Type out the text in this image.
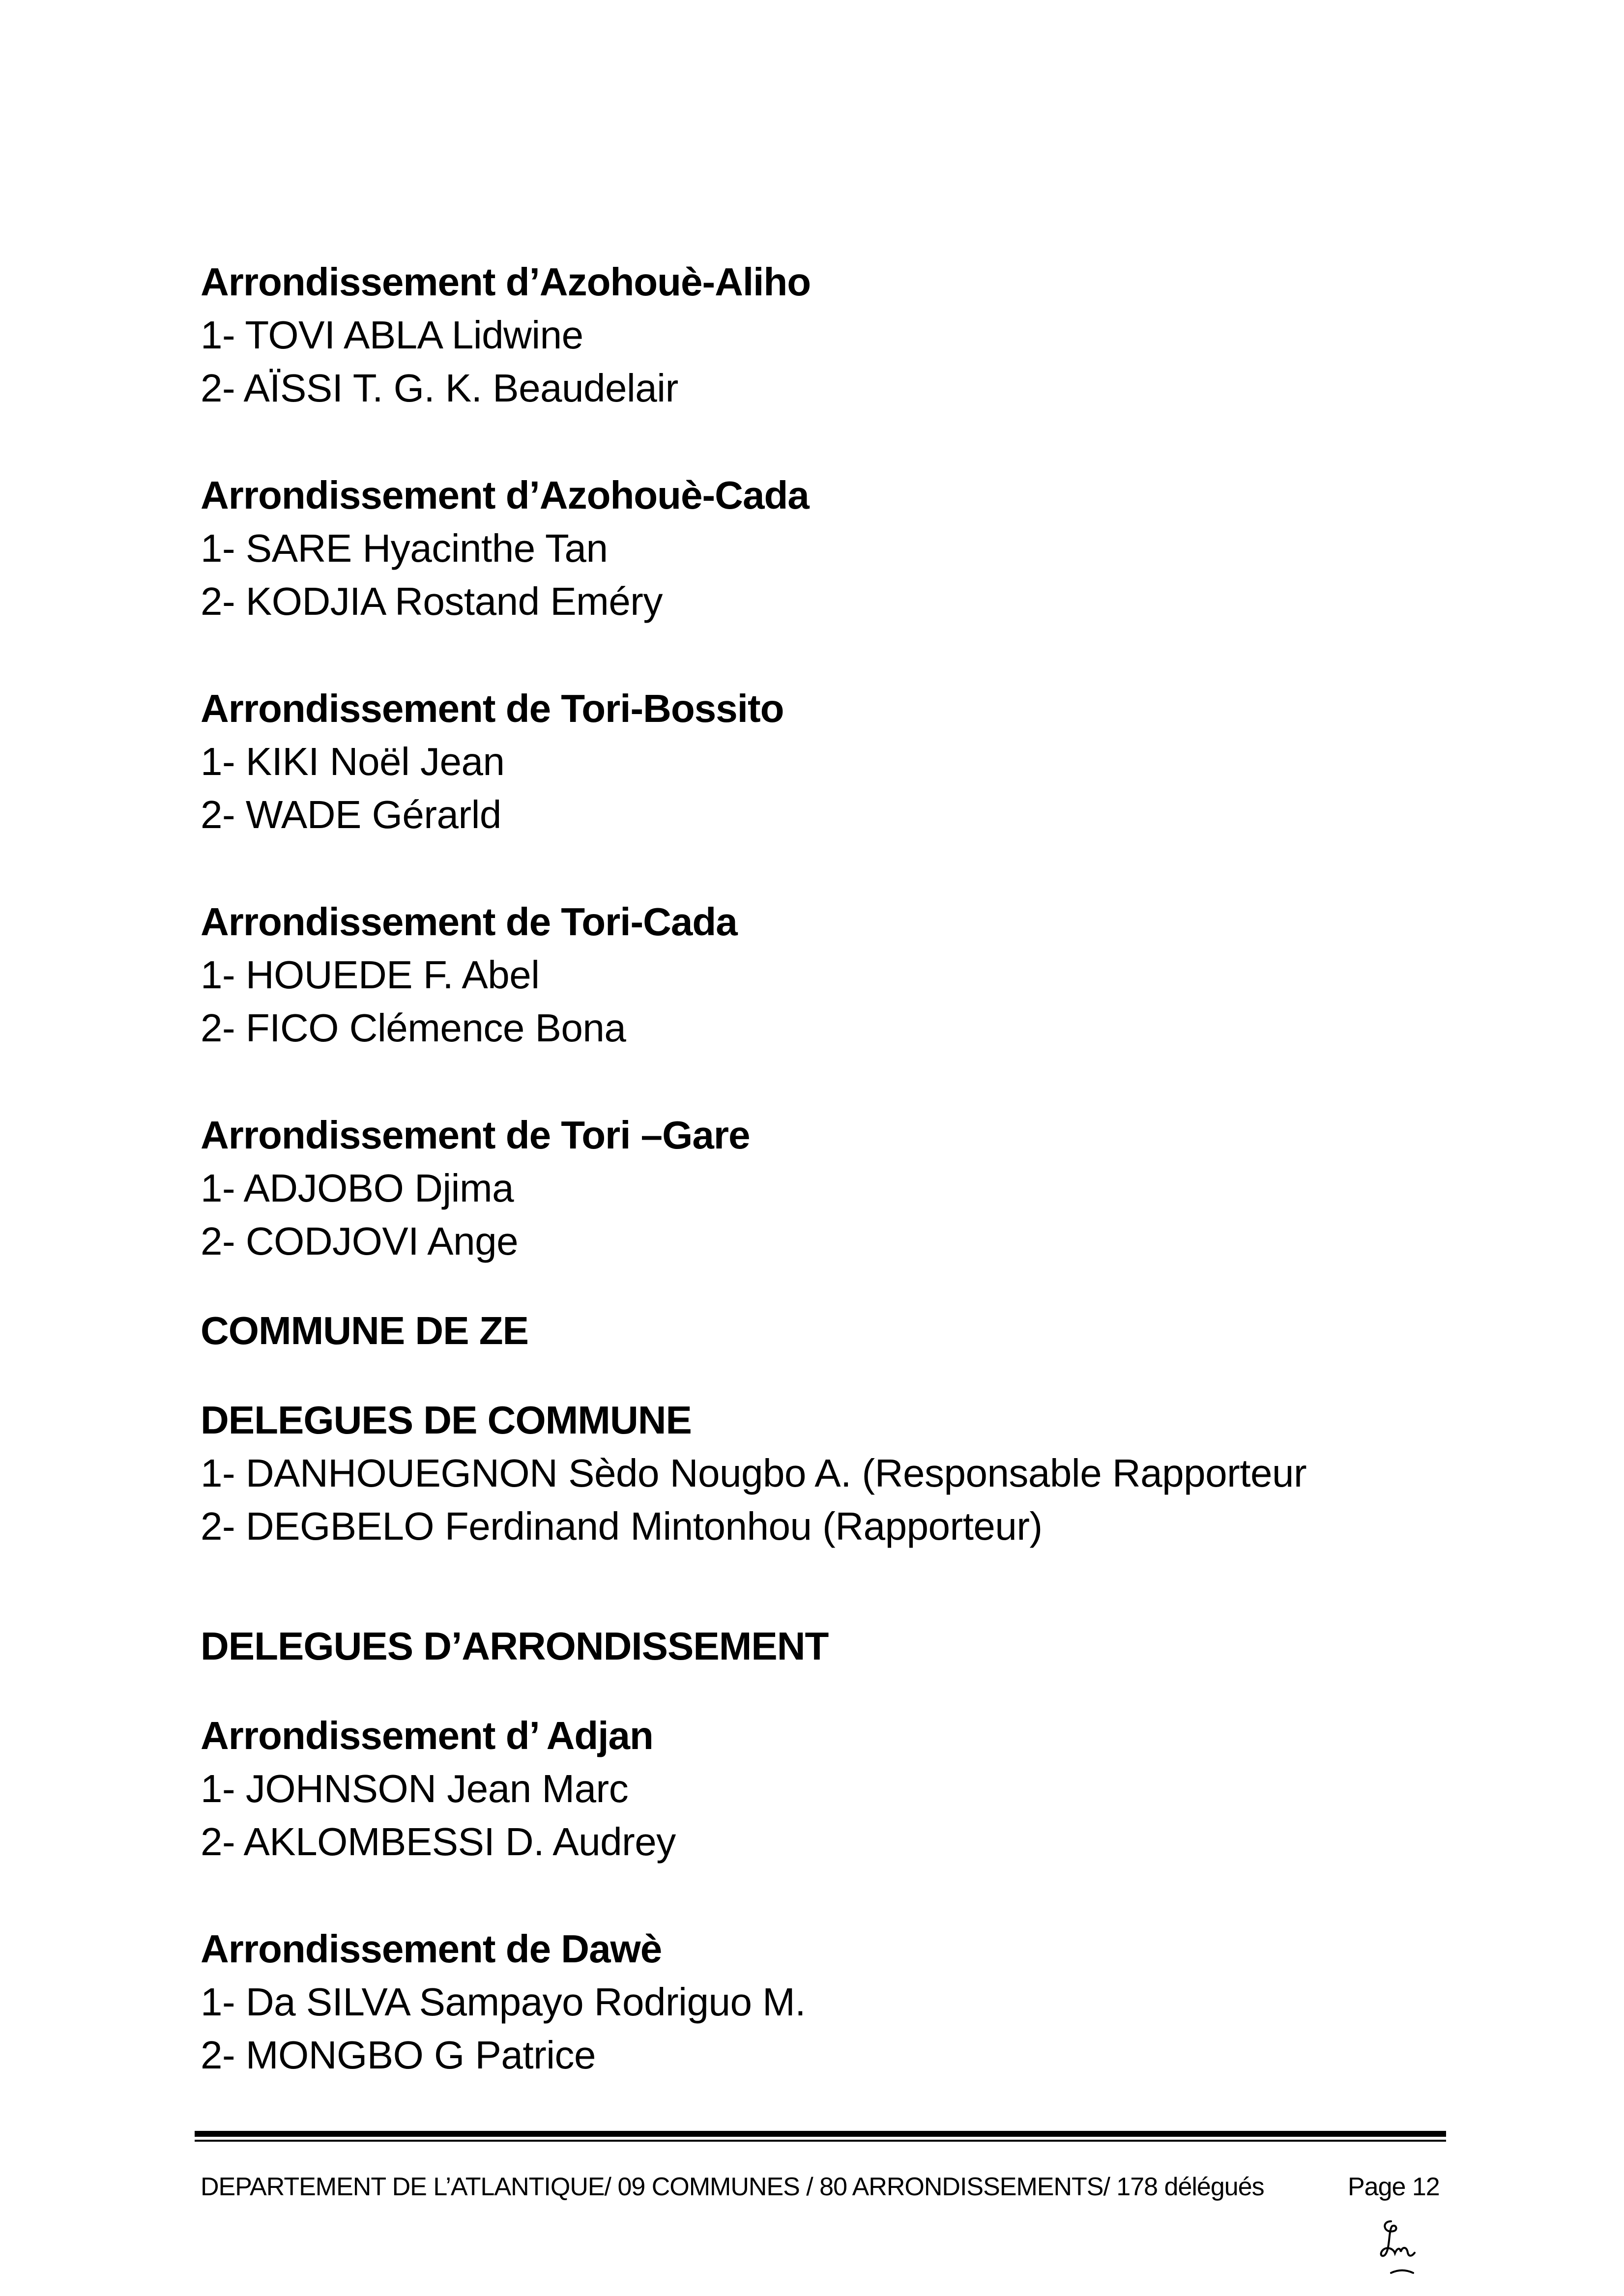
Arrondissement d’Azohouè-Aliho

1- TOVI ABLA Lidwine

2- AÏSSI T. G. K. Beaudelair

Arrondissement d’Azohouè-Cada

1- SARE Hyacinthe Tan

2- KODJIA Rostand Eméry

Arrondissement de Tori-Bossito

1- KIKI Noël Jean

2- WADE Gérarld

Arrondissement de Tori-Cada

1- HOUEDE F. Abel

2- FICO Clémence Bona

Arrondissement de Tori –Gare

1- ADJOBO Djima

2- CODJOVI Ange

COMMUNE DE ZE

DELEGUES DE COMMUNE

1- DANHOUEGNON Sèdo Nougbo A. (Responsable Rapporteur

2- DEGBELO Ferdinand Mintonhou (Rapporteur)

DELEGUES D’ARRONDISSEMENT

Arrondissement d’ Adjan

1- JOHNSON Jean Marc

2- AKLOMBESSI D. Audrey

Arrondissement de Dawè

1- Da SILVA Sampayo Rodriguo M.

2- MONGBO G Patrice

DEPARTEMENT DE L’ATLANTIQUE/ 09 COMMUNES / 80 ARRONDISSEMENTS/ 178 délégués	Page 12
